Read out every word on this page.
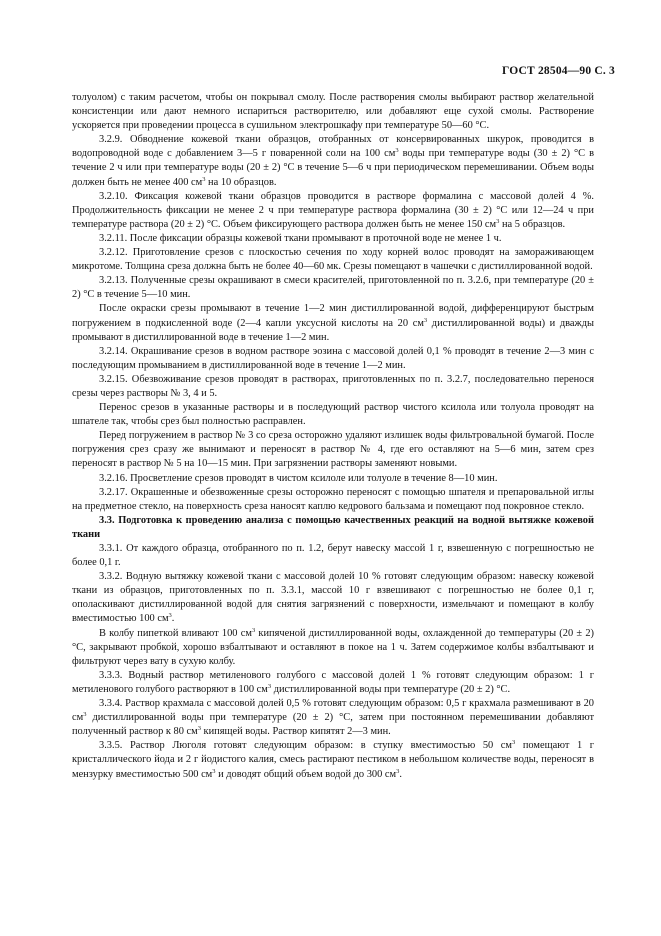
ГОСТ 28504—90 С. 3

толуолом) с таким расчетом, чтобы он покрывал смолу. После растворения смолы выбирают раствор желательной консистенции или дают немного испариться растворителю, или добавляют еще сухой смолы. Растворение ускоряется при проведении процесса в сушильном электрошкафу при температуре 50—60 °С.

3.2.9. Обводнение кожевой ткани образцов, отобранных от консервированных шкурок, проводится в водопроводной воде с добавлением 3—5 г поваренной соли на 100 $см^3$ воды при температуре воды (30 ± 2) °С в течение 2 ч или при температуре воды (20 ± 2) °С в течение 5—6 ч при периодическом перемешивании. Объем воды должен быть не менее 400 $см^3$ на 10 образцов.

3.2.10. Фиксация кожевой ткани образцов проводится в растворе формалина с массовой долей 4 %. Продолжительность фиксации не менее 2 ч при температуре раствора формалина (30 ± 2) °С или 12—24 ч при температуре раствора (20 ± 2) °С. Объем фиксирующего раствора должен быть не менее 150 $см^3$ на 5 образцов.

3.2.11. После фиксации образцы кожевой ткани промывают в проточной воде не менее 1 ч.

3.2.12. Приготовление срезов с плоскостью сечения по ходу корней волос проводят на замораживающем микротоме. Толщина среза должна быть не более 40—60 мк. Срезы помещают в чашечки с дистиллированной водой.

3.2.13. Полученные срезы окрашивают в смеси красителей, приготовленной по п. 3.2.6, при температуре (20 ± 2) °С в течение 5—10 мин.

После окраски срезы промывают в течение 1—2 мин дистиллированной водой, дифференцируют быстрым погружением в подкисленной воде (2—4 капли уксусной кислоты на 20 $см^3$ дистиллированной воды) и дважды промывают в дистиллированной воде в течение 1—2 мин.

3.2.14. Окрашивание срезов в водном растворе эозина с массовой долей 0,1 % проводят в течение 2—3 мин с последующим промыванием в дистиллированной воде в течение 1—2 мин.

3.2.15. Обезвоживание срезов проводят в растворах, приготовленных по п. 3.2.7, последовательно перенося срезы через растворы № 3, 4 и 5.

Перенос срезов в указанные растворы и в последующий раствор чистого ксилола или толуола проводят на шпателе так, чтобы срез был полностью расправлен.

Перед погружением в раствор № 3 со среза осторожно удаляют излишек воды фильтровальной бумагой. После погружения срез сразу же вынимают и переносят в раствор № 4, где его оставляют на 5—6 мин, затем срез переносят в раствор № 5 на 10—15 мин. При загрязнении растворы заменяют новыми.

3.2.16. Просветление срезов проводят в чистом ксилоле или толуоле в течение 8—10 мин.

3.2.17. Окрашенные и обезвоженные срезы осторожно переносят с помощью шпателя и препаровальной иглы на предметное стекло, на поверхность среза наносят каплю кедрового бальзама и помещают под покровное стекло.

3.3. Подготовка к проведению анализа с помощью качественных реакций на водной вытяжке кожевой ткани

3.3.1. От каждого образца, отобранного по п. 1.2, берут навеску массой 1 г, взвешенную с погрешностью не более 0,1 г.

3.3.2. Водную вытяжку кожевой ткани с массовой долей 10 % готовят следующим образом: навеску кожевой ткани из образцов, приготовленных по п. 3.3.1, массой 10 г взвешивают с погрешностью не более 0,1 г, ополаскивают дистиллированной водой для снятия загрязнений с поверхности, измельчают и помещают в колбу вместимостью 100 $см^3$.

В колбу пипеткой вливают 100 $см^3$ кипяченой дистиллированной воды, охлажденной до температуры (20 ± 2) °С, закрывают пробкой, хорошо взбалтывают и оставляют в покое на 1 ч. Затем содержимое колбы взбалтывают и фильтруют через вату в сухую колбу.

3.3.3. Водный раствор метиленового голубого с массовой долей 1 % готовят следующим образом: 1 г метиленового голубого растворяют в 100 $см^3$ дистиллированной воды при температуре (20 ± 2) °С.

3.3.4. Раствор крахмала с массовой долей 0,5 % готовят следующим образом: 0,5 г крахмала размешивают в 20 $см^3$ дистиллированной воды при температуре (20 ± 2) °С, затем при постоянном перемешивании добавляют полученный раствор к 80 $см^3$ кипящей воды. Раствор кипятят 2—3 мин.

3.3.5. Раствор Люголя готовят следующим образом: в ступку вместимостью 50 $см^3$ помещают 1 г кристаллического йода и 2 г йодистого калия, смесь растирают пестиком в небольшом количестве воды, переносят в мензурку вместимостью 500 $см^3$ и доводят общий объем водой до 300 $см^3$.
